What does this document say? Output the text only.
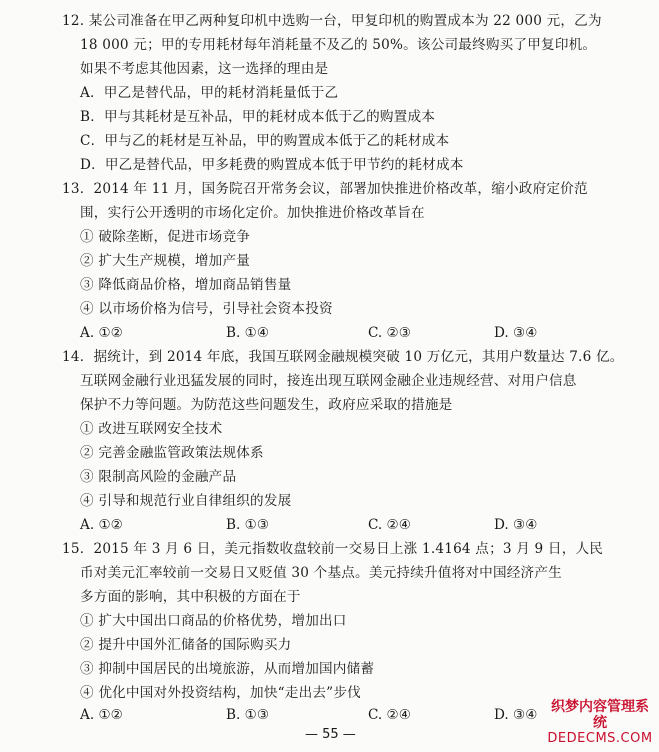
12. 某公司准备在甲乙两种复印机中选购一台，甲复印机的购置成本为 22 000 元，乙为
18 000 元；甲的专用耗材每年消耗量不及乙的 50%。该公司最终购买了甲复印机。
如果不考虑其他因素，这一选择的理由是
A．甲乙是替代品，甲的耗材消耗量低于乙
B．甲与其耗材是互补品，甲的耗材成本低于乙的购置成本
C．甲与乙的耗材是互补品，甲的购置成本低于乙的耗材成本
D．甲乙是替代品，甲多耗费的购置成本低于甲节约的耗材成本
13．2014 年 11 月，国务院召开常务会议，部署加快推进价格改革，缩小政府定价范
围，实行公开透明的市场化定价。加快推进价格改革旨在
① 破除垄断，促进市场竞争
② 扩大生产规模，增加产量
③ 降低商品价格，增加商品销售量
④ 以市场价格为信号，引导社会资本投资
A. ①②	B. ①④	C. ②③	D. ③④
14．据统计，到 2014 年底，我国互联网金融规模突破 10 万亿元，其用户数量达 7.6 亿。
互联网金融行业迅猛发展的同时，接连出现互联网金融企业违规经营、对用户信息
保护不力等问题。为防范这些问题发生，政府应采取的措施是
① 改进互联网安全技术
② 完善金融监管政策法规体系
③ 限制高风险的金融产品
④ 引导和规范行业自律组织的发展
A. ①②	B. ①③	C. ②④	D. ③④
15．2015 年 3 月 6 日，美元指数收盘较前一交易日上涨 1.4164 点；3 月 9 日，人民
币对美元汇率较前一交易日又贬值 30 个基点。美元持续升值将对中国经济产生
多方面的影响，其中积极的方面在于
① 扩大中国出口商品的价格优势，增加出口
② 提升中国外汇储备的国际购买力
③ 抑制中国居民的出境旅游，从而增加国内储蓄
④ 优化中国对外投资结构，加快“走出去”步伐
A. ①②	B. ①③	C. ②④	D. ③④
— 55 —
织梦内容管理系统
DEDECMS.COM
